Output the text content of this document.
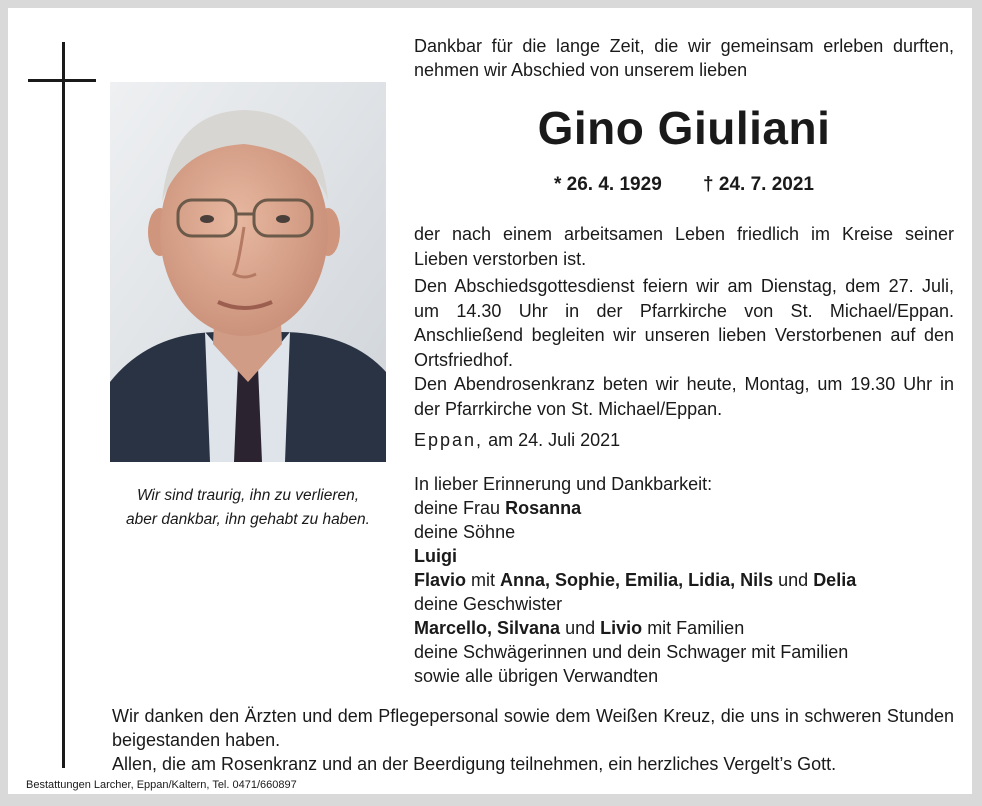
Wir sind traurig, ihn zu verlieren,
aber dankbar, ihn gehabt zu haben.
Dankbar für die lange Zeit, die wir gemeinsam erleben durften, nehmen wir Abschied von unserem lieben
Gino Giuliani
* 26. 4. 1929 † 24. 7. 2021
der nach einem arbeitsamen Leben friedlich im Kreise seiner Lieben verstorben ist.
Den Abschiedsgottesdienst feiern wir am Dienstag, dem 27. Juli, um 14.30 Uhr in der Pfarrkirche von St. Michael/Eppan. Anschließend begleiten wir unseren lieben Verstorbenen auf den Ortsfriedhof.
Den Abendrosenkranz beten wir heute, Montag, um 19.30 Uhr in der Pfarrkirche von St. Michael/Eppan.
Eppan, am 24. Juli 2021
In lieber Erinnerung und Dankbarkeit:
deine Frau Rosanna
deine Söhne
Luigi
Flavio mit Anna, Sophie, Emilia, Lidia, Nils und Delia
deine Geschwister
Marcello, Silvana und Livio mit Familien
deine Schwägerinnen und dein Schwager mit Familien
sowie alle übrigen Verwandten
Wir danken den Ärzten und dem Pflegepersonal sowie dem Weißen Kreuz, die uns in schweren Stunden beigestanden haben.
Allen, die am Rosenkranz und an der Beerdigung teilnehmen, ein herzliches Vergelt’s Gott.
Bestattungen Larcher, Eppan/Kaltern, Tel. 0471/660897
